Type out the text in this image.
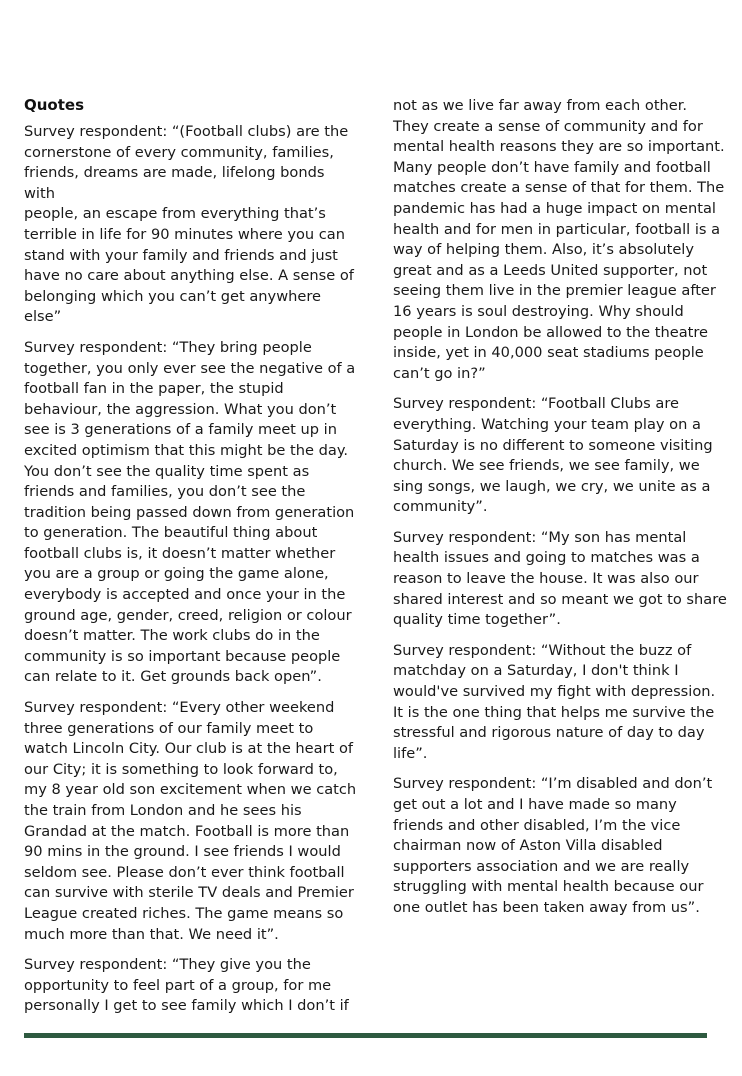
Quotes

Survey respondent: “(Football clubs) are the
cornerstone of every community, families,
friends, dreams are made, lifelong bonds with
people, an escape from everything that’s
terrible in life for 90 minutes where you can
stand with your family and friends and just
have no care about anything else. A sense of
belonging which you can’t get anywhere else”

Survey respondent: “They bring people
together, you only ever see the negative of a
football fan in the paper, the stupid
behaviour, the aggression. What you don’t
see is 3 generations of a family meet up in
excited optimism that this might be the day.
You don’t see the quality time spent as
friends and families, you don’t see the
tradition being passed down from generation
to generation. The beautiful thing about
football clubs is, it doesn’t matter whether
you are a group or going the game alone,
everybody is accepted and once your in the
ground age, gender, creed, religion or colour
doesn’t matter. The work clubs do in the
community is so important because people
can relate to it. Get grounds back open”.

Survey respondent: “Every other weekend
three generations of our family meet to
watch Lincoln City. Our club is at the heart of
our City; it is something to look forward to,
my 8 year old son excitement when we catch
the train from London and he sees his
Grandad at the match. Football is more than
90 mins in the ground. I see friends I would
seldom see. Please don’t ever think football
can survive with sterile TV deals and Premier
League created riches. The game means so
much more than that. We need it”.

Survey respondent: “They give you the
opportunity to feel part of a group, for me
personally I get to see family which I don’t if

not as we live far away from each other.
They create a sense of community and for
mental health reasons they are so important.
Many people don’t have family and football
matches create a sense of that for them. The
pandemic has had a huge impact on mental
health and for men in particular, football is a
way of helping them. Also, it’s absolutely
great and as a Leeds United supporter, not
seeing them live in the premier league after
16 years is soul destroying. Why should
people in London be allowed to the theatre
inside, yet in 40,000 seat stadiums people
can’t go in?”

Survey respondent: “Football Clubs are
everything. Watching your team play on a
Saturday is no different to someone visiting
church. We see friends, we see family, we
sing songs, we laugh, we cry, we unite as a
community”.

Survey respondent: “My son has mental
health issues and going to matches was a
reason to leave the house. It was also our
shared interest and so meant we got to share
quality time together”.

Survey respondent: “Without the buzz of
matchday on a Saturday, I don't think I
would've survived my fight with depression.
It is the one thing that helps me survive the
stressful and rigorous nature of day to day
life”.

Survey respondent: “I’m disabled and don’t
get out a lot and I have made so many
friends and other disabled, I’m the vice
chairman now of Aston Villa disabled
supporters association and we are really
struggling with mental health because our
one outlet has been taken away from us”.
